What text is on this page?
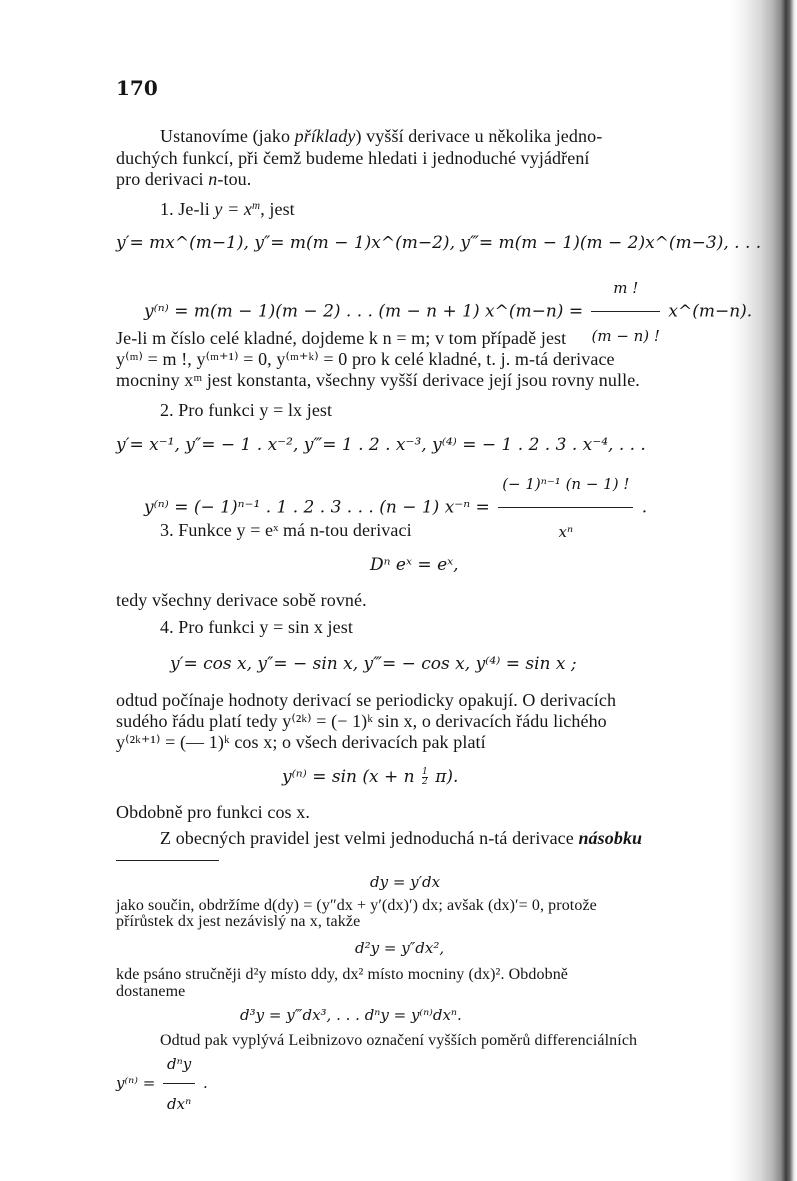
170
Ustanovíme (jako příklady) vyšší derivace u několika jedno-
duchých funkcí, při čemž budeme hledati i jednoduché vyjádření
pro derivaci n-tou.
1. Je-li $y = x^m$, jest
y′= mx^(m−1), y″= m(m − 1)x^(m−2), y‴= m(m − 1)(m − 2)x^(m−3), . . .
y⁽ⁿ⁾ = m(m − 1)(m − 2) . . . (m − n + 1) x^(m−n) = $\frac{m !}{(m - n) !}$ x^(m−n).
Je-li m číslo celé kladné, dojdeme k n = m; v tom případě jest
y⁽ᵐ⁾ = m !, y⁽ᵐ⁺¹⁾ = 0, y⁽ᵐ⁺ᵏ⁾ = 0 pro k celé kladné, t. j. m-tá derivace
mocniny xᵐ jest konstanta, všechny vyšší derivace její jsou rovny nulle.
2. Pro funkci y = lx jest
y′= x⁻¹, y″= − 1 . x⁻², y‴= 1 . 2 . x⁻³, y⁽⁴⁾ = − 1 . 2 . 3 . x⁻⁴, . . .
y⁽ⁿ⁾ = (− 1)ⁿ⁻¹ . 1 . 2 . 3 . . . (n − 1) $x^{-n} = \frac{\text{(− 1)ⁿ⁻¹ (n − 1) !}}{\text{xⁿ}}$ .
3. Funkce y = eˣ má n-tou derivaci
Dⁿ eˣ = eˣ,
tedy všechny derivace sobě rovné.
4. Pro funkci y = sin x jest
y′= cos x, y″= − sin x, y‴= − cos x, y⁽⁴⁾ = sin x ;
odtud počínaje hodnoty derivací se periodicky opakují. O derivacích
sudého řádu platí tedy y⁽²ᵏ⁾ = (− 1)ᵏ sin x, o derivacích řádu lichého
y⁽²ᵏ⁺¹⁾ = (— 1)ᵏ cos x; o všech derivacích pak platí
y⁽ⁿ⁾ = sin (x + n $\frac{1}{2} \pi$).
Obdobně pro funkci cos x.
Z obecných pravidel jest velmi jednoduchá n-tá derivace násobku
dy = y′dx
jako součin, obdržíme d(dy) = (y″dx + y′(dx)′) dx; avšak (dx)′= 0, protože
přírůstek dx jest nezávislý na x, takže
d²y = y″dx²,
kde psáno stručněji d²y místo ddy, dx² místo mocniny (dx)². Obdobně
dostaneme
d³y = y‴dx³, . . . dⁿy = y⁽ⁿ⁾dxⁿ.
Odtud pak vyplývá Leibnizovo označení vyšších poměrů differenciálních
$y^{(n)} = \frac{\text{dⁿy}}{\text{dxⁿ}}$ .
